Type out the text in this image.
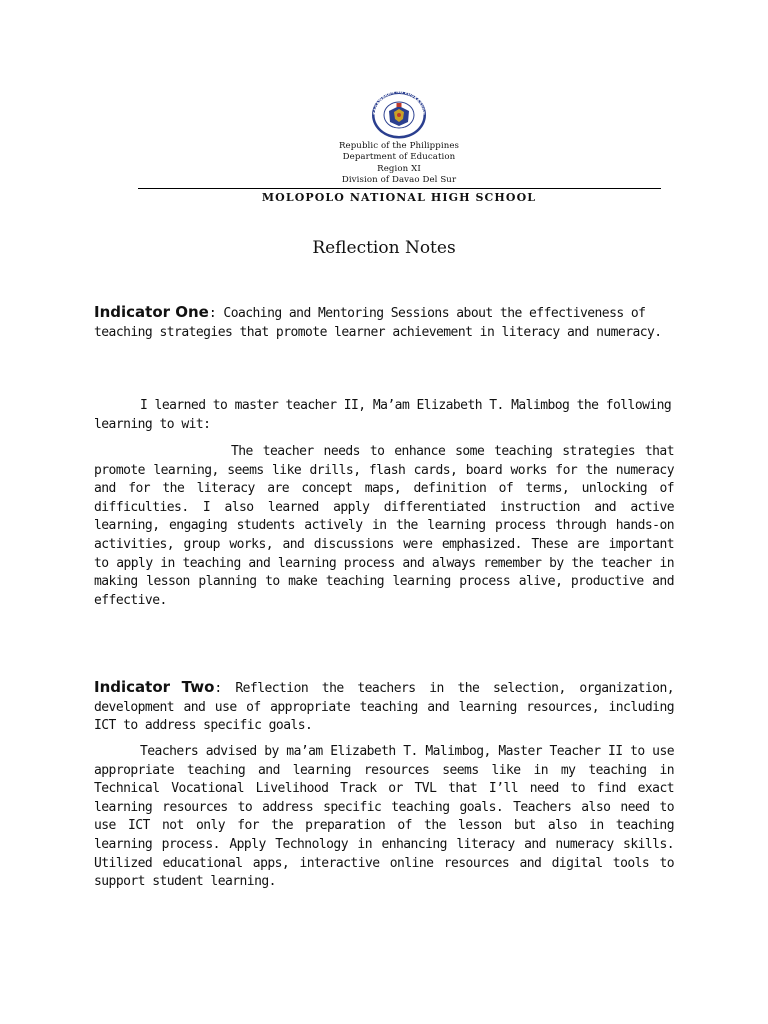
KAGAWARAN NG EDUKASYON
REPUBLIKA NG PILIPINAS
Republic of the Philippines
Department of Education
Region XI
Division of Davao Del Sur
MOLOPOLO NATIONAL HIGH SCHOOL
Reflection Notes
Indicator One: Coaching and Mentoring Sessions about the effectiveness of teaching strategies that promote learner achievement in literacy and numeracy.
I learned to master teacher II, Ma’am Elizabeth T. Malimbog the following learning to wit:
The teacher needs to enhance some teaching strategies that promote learning, seems like drills, flash cards, board works for the numeracy and for the literacy are concept maps, definition of terms, unlocking of difficulties. I also learned apply differentiated instruction and active learning, engaging students actively in the learning process through hands-on activities, group works, and discussions were emphasized. These are important to apply in teaching and learning process and always remember by the teacher in making lesson planning to make teaching learning process alive, productive and effective.
Indicator Two: Reflection the teachers in the selection, organization, development and use of appropriate teaching and learning resources, including ICT to address specific goals.
Teachers advised by ma’am Elizabeth T. Malimbog, Master Teacher II to use appropriate teaching and learning resources seems like in my teaching in Technical Vocational Livelihood Track or TVL that I’ll need to find exact learning resources to address specific teaching goals. Teachers also need to use ICT not only for the preparation of the lesson but also in teaching learning process. Apply Technology in enhancing literacy and numeracy skills. Utilized educational apps, interactive online resources and digital tools to support student learning.
